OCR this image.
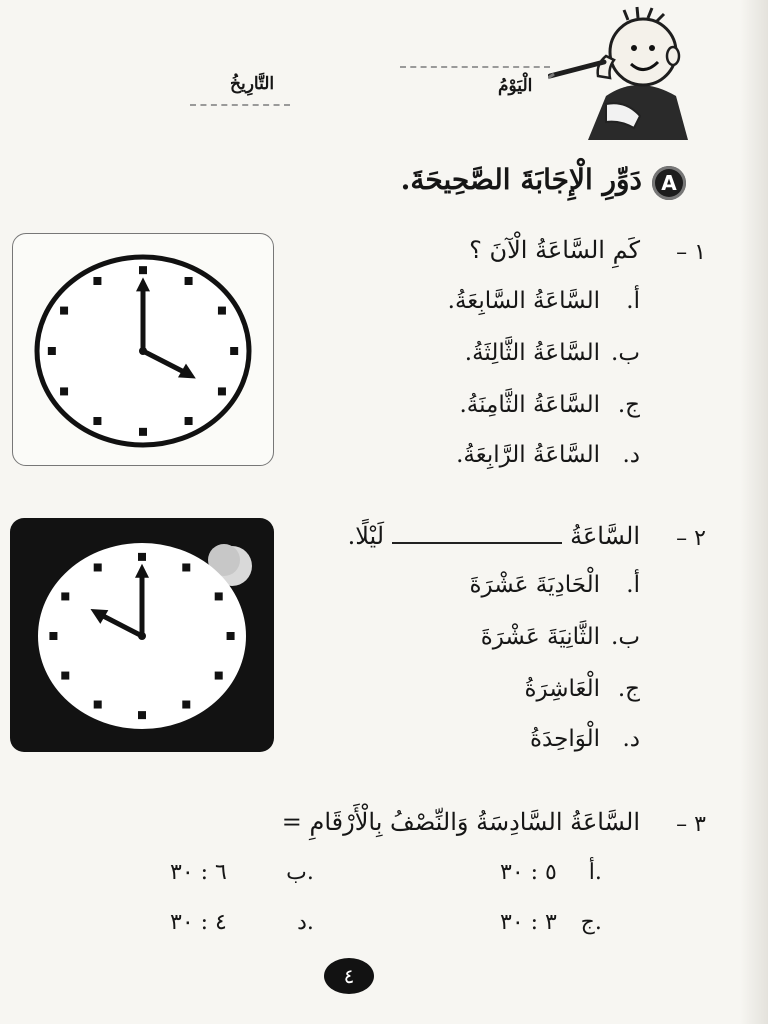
التَّارِيخُ	الْيَوْمُ
A
دَوِّرِ الْإِجَابَةَ الصَّحِيحَةَ.
١ –
كَمِ السَّاعَةُ الْآنَ ؟
أ.السَّاعَةُ السَّابِعَةُ.
ب.السَّاعَةُ الثَّالِثَةُ.
ج.السَّاعَةُ الثَّامِنَةُ.
د.السَّاعَةُ الرَّابِعَةُ.
٢ –
السَّاعَةُلَيْلًا.
أ.الْحَادِيَةَ عَشْرَةَ
ب.الثَّانِيَةَ عَشْرَةَ
ج.الْعَاشِرَةُ
د.الْوَاحِدَةُ
٣ –
السَّاعَةُ السَّادِسَةُ وَالنِّصْفُ بِالْأَرْقَامِ =
٥ : ٣٠ أ.
٦ : ٣٠	ب.
٣ : ٣٠ ج.
٤ : ٣٠	د.
٤
